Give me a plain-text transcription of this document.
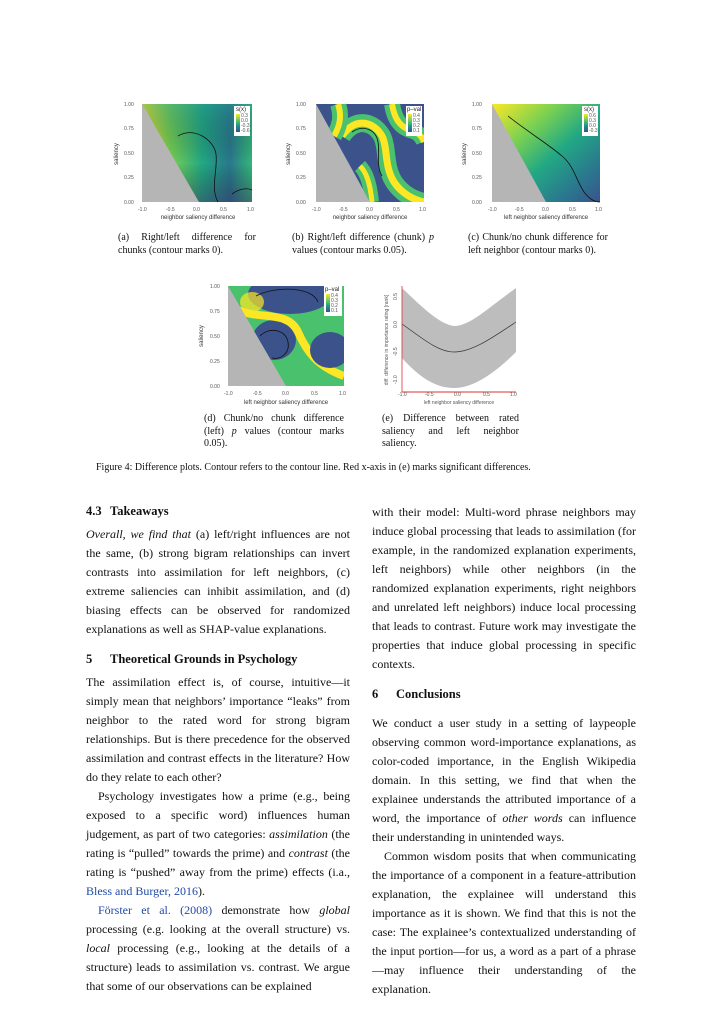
s(x)
0.3
0.0
-0.3
-0.6
1.00
0.75
0.50
0.25
0.00
-1.0	-0.5	0.0	0.5	1.0
neighbor saliency difference
saliency
p–val
0.4
0.3
0.2
0.1
1.00
0.75
0.50
0.25
0.00
-1.0	-0.5	0.0	0.5	1.0
neighbor saliency difference
saliency
s(x)
0.6
0.3
0.0
-0.3
1.00
0.75
0.50
0.25
0.00
-1.0	-0.5	0.0	0.5	1.0
left neighbor saliency difference
saliency
(a) Right/left difference for chunks (contour marks 0).
(b) Right/left difference (chunk) p values (contour marks 0.05).
(c) Chunk/no chunk difference for left neighbor (contour marks 0).
p–val
0.4
0.3
0.2
0.1
1.00
0.75
0.50
0.25
0.00
-1.0	-0.5	0.0	0.5	1.0
left neighbor saliency difference
saliency
-1.0	-0.5	0.0	0.5	1.0
0.5
0.0
-0.5
-1.0
left neighbor saliency difference
diff. difference in importance rating [rank]
(d) Chunk/no chunk difference (left) p values (contour marks 0.05).
(e) Difference between rated saliency and left neighbor saliency.
Figure 4: Difference plots. Contour refers to the contour line. Red x-axis in (e) marks significant differences.
4.3 Takeaways

Overall, we find that (a) left/right influences are not the same, (b) strong bigram relationships can invert contrasts into assimilation for left neighbors, (c) extreme saliencies can inhibit assimilation, and (d) biasing effects can be observed for randomized explanations as well as SHAP-value explanations.

5 Theoretical Grounds in Psychology

The assimilation effect is, of course, intuitive—it simply mean that neighbors’ importance “leaks” from neighbor to the rated word for strong bigram relationships. But is there precedence for the observed assimilation and contrast effects in the literature? How do they relate to each other?

Psychology investigates how a prime (e.g., being exposed to a specific word) influences human judgement, as part of two categories: assimilation (the rating is “pulled” towards the prime) and contrast (the rating is “pushed” away from the prime) effects (i.a., Bless and Burger, 2016).

Förster et al. (2008) demonstrate how global processing (e.g. looking at the overall structure) vs. local processing (e.g., looking at the details of a structure) leads to assimilation vs. contrast. We argue that some of our observations can be explained

with their model: Multi-word phrase neighbors may induce global processing that leads to assimilation (for example, in the randomized explanation experiments, left neighbors) while other neighbors (in the randomized explanation experiments, right neighbors and unrelated left neighbors) induce local processing that leads to contrast. Future work may investigate the properties that induce global processing in specific contexts.

6 Conclusions

We conduct a user study in a setting of laypeople observing common word-importance explanations, as color-coded importance, in the English Wikipedia domain. In this setting, we find that when the explainee understands the attributed importance of a word, the importance of other words can influence their understanding in unintended ways.

Common wisdom posits that when communicating the importance of a component in a feature-attribution explanation, the explainee will understand this importance as it is shown. We find that this is not the case: The explainee’s contextualized understanding of the input portion—for us, a word as a part of a phrase—may influence their understanding of the explanation.
